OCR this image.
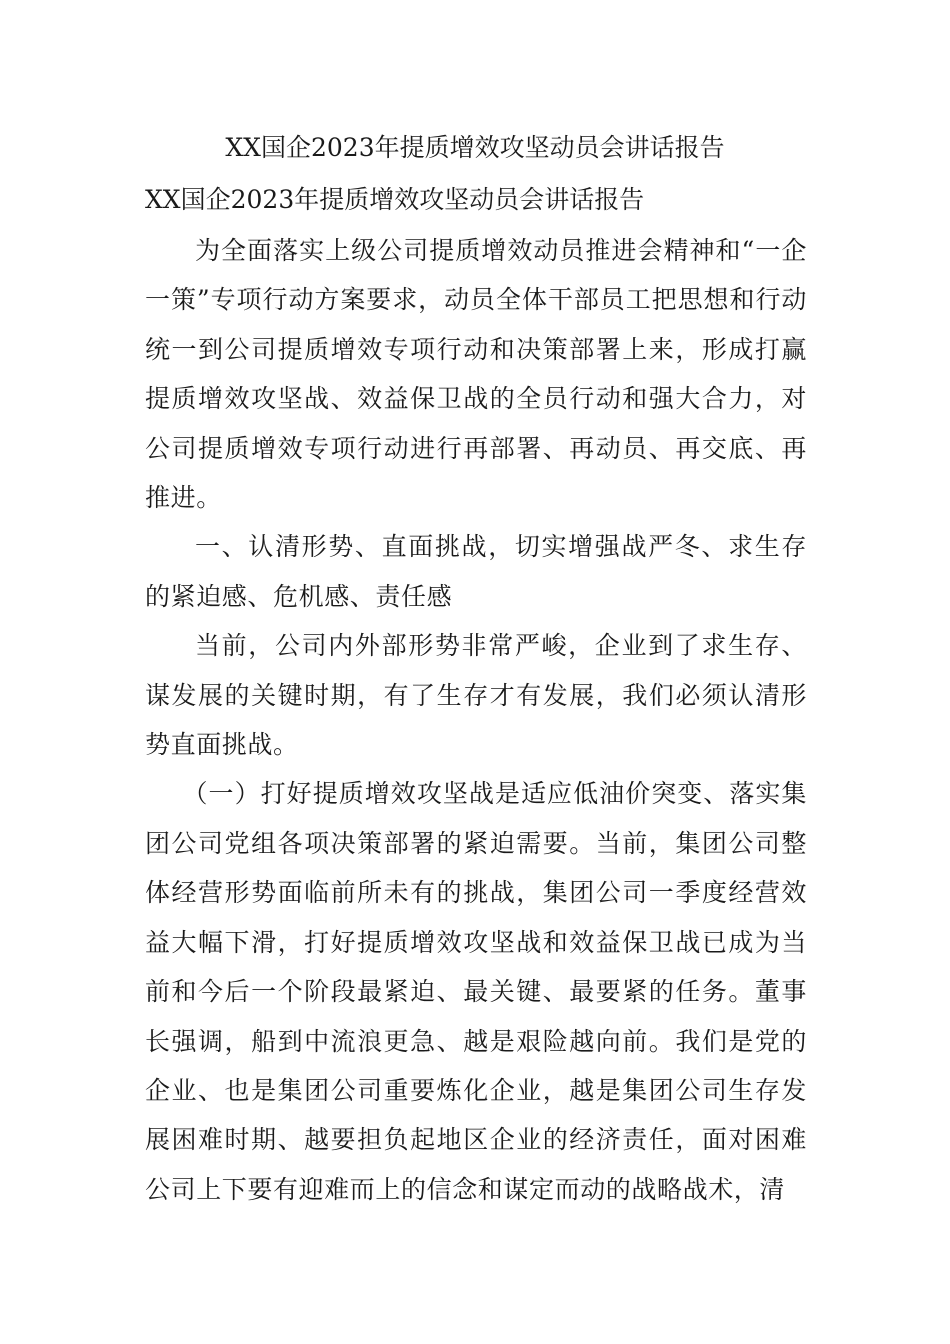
XX国企2023年提质增效攻坚动员会讲话报告

XX国企2023年提质增效攻坚动员会讲话报告

为全面落实上级公司提质增效动员推进会精神和“一企一策”专项行动方案要求，动员全体干部员工把思想和行动统一到公司提质增效专项行动和决策部署上来，形成打赢提质增效攻坚战、效益保卫战的全员行动和强大合力，对公司提质增效专项行动进行再部署、再动员、再交底、再推进。

一、认清形势、直面挑战，切实增强战严冬、求生存的紧迫感、危机感、责任感

当前，公司内外部形势非常严峻，企业到了求生存、谋发展的关键时期，有了生存才有发展，我们必须认清形势直面挑战。

（一）打好提质增效攻坚战是适应低油价突变、落实集团公司党组各项决策部署的紧迫需要。当前，集团公司整体经营形势面临前所未有的挑战，集团公司一季度经营效益大幅下滑，打好提质增效攻坚战和效益保卫战已成为当前和今后一个阶段最紧迫、最关键、最要紧的任务。董事长强调，船到中流浪更急、越是艰险越向前。我们是党的企业、也是集团公司重要炼化企业，越是集团公司生存发展困难时期、越要担负起地区企业的经济责任，面对困难公司上下要有迎难而上的信念和谋定而动的战略战术，清
